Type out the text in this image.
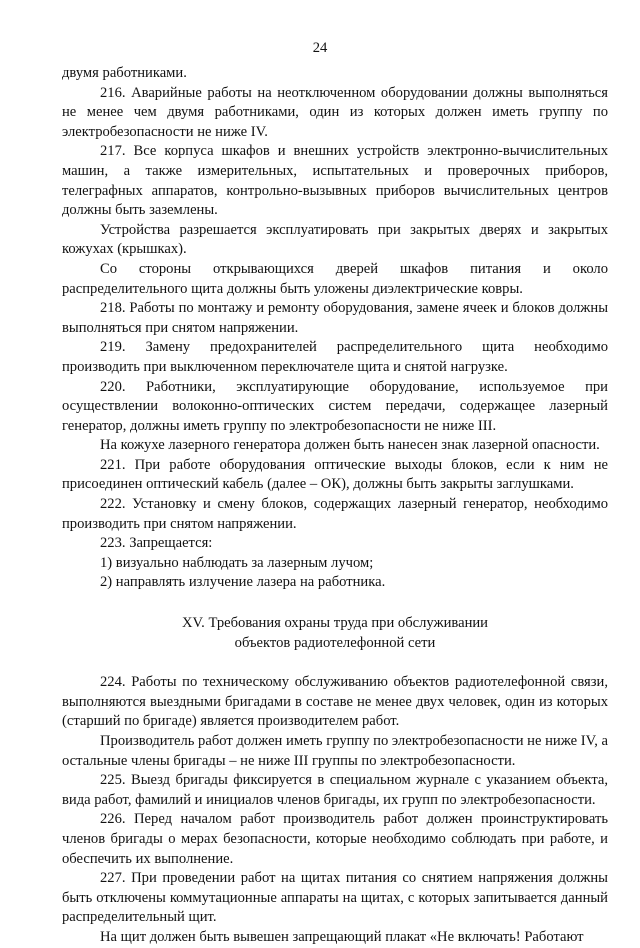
24

двумя работниками.

216. Аварийные работы на неотключенном оборудовании должны выполняться не менее чем двумя работниками, один из которых должен иметь группу по электробезопасности не ниже IV.

217. Все корпуса шкафов и внешних устройств электронно-вычислительных машин, а также измерительных, испытательных и проверочных приборов, телеграфных аппаратов, контрольно-вызывных приборов вычислительных центров должны быть заземлены.

Устройства разрешается эксплуатировать при закрытых дверях и закрытых кожухах (крышках).

Со стороны открывающихся дверей шкафов питания и около распределительного щита должны быть уложены диэлектрические ковры.

218. Работы по монтажу и ремонту оборудования, замене ячеек и блоков должны выполняться при снятом напряжении.

219. Замену предохранителей распределительного щита необходимо производить при выключенном переключателе щита и снятой нагрузке.

220. Работники, эксплуатирующие оборудование, используемое при осуществлении волоконно-оптических систем передачи, содержащее лазерный генератор, должны иметь группу по электробезопасности не ниже III.

На кожухе лазерного генератора должен быть нанесен знак лазерной опасности.

221. При работе оборудования оптические выходы блоков, если к ним не присоединен оптический кабель (далее – ОК), должны быть закрыты заглушками.

222. Установку и смену блоков, содержащих лазерный генератор, необходимо производить при снятом напряжении.

223. Запрещается:

1) визуально наблюдать за лазерным лучом;

2) направлять излучение лазера на работника.

XV. Требования охраны труда при обслуживании
объектов радиотелефонной сети

224. Работы по техническому обслуживанию объектов радиотелефонной связи, выполняются выездными бригадами в составе не менее двух человек, один из которых (старший по бригаде) является производителем работ.

Производитель работ должен иметь группу по электробезопасности не ниже IV, а остальные члены бригады – не ниже III группы по электробезопасности.

225. Выезд бригады фиксируется в специальном журнале с указанием объекта, вида работ, фамилий и инициалов членов бригады, их групп по электробезопасности.

226. Перед началом работ производитель работ должен проинструктировать членов бригады о мерах безопасности, которые необходимо соблюдать при работе, и обеспечить их выполнение.

227. При проведении работ на щитах питания со снятием напряжения должны быть отключены коммутационные аппараты на щитах, с которых запитывается данный распределительный щит.

На щит должен быть вывешен запрещающий плакат «Не включать! Работают
